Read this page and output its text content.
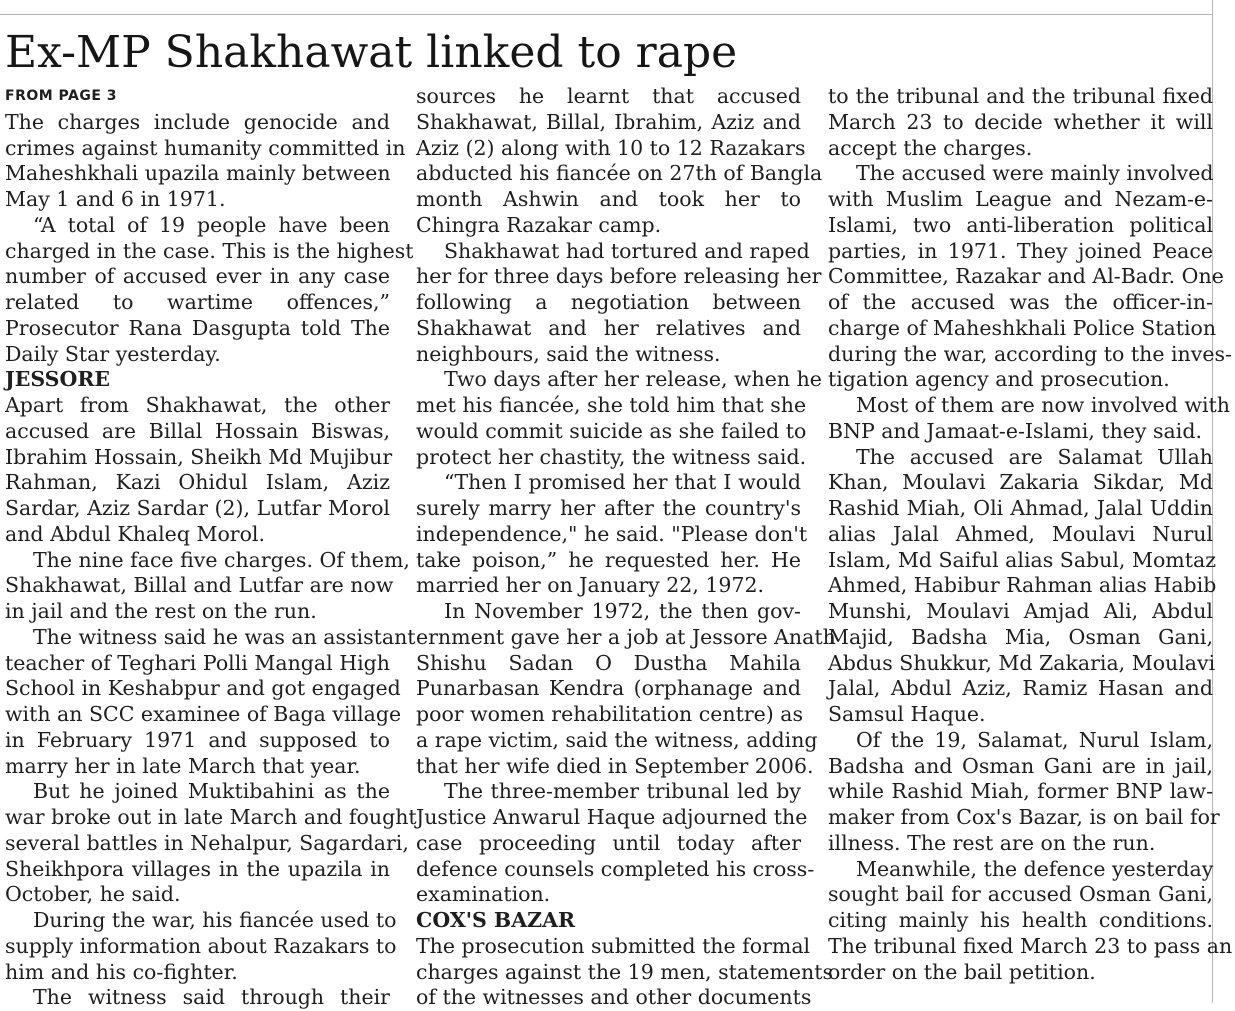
Ex-MP Shakhawat linked to rape
FROM PAGE 3
The charges include genocide and
crimes against humanity committed in
Maheshkhali upazila mainly between
May 1 and 6 in 1971.
“A total of 19 people have been
charged in the case. This is the highest
number of accused ever in any case
related to wartime offences,”
Prosecutor Rana Dasgupta told The
Daily Star yesterday.
JESSORE
Apart from Shakhawat, the other
accused are Billal Hossain Biswas,
Ibrahim Hossain, Sheikh Md Mujibur
Rahman, Kazi Ohidul Islam, Aziz
Sardar, Aziz Sardar (2), Lutfar Morol
and Abdul Khaleq Morol.
The nine face five charges. Of them,
Shakhawat, Billal and Lutfar are now
in jail and the rest on the run.
The witness said he was an assistant
teacher of Teghari Polli Mangal High
School in Keshabpur and got engaged
with an SCC examinee of Baga village
in February 1971 and supposed to
marry her in late March that year.
But he joined Muktibahini as the
war broke out in late March and fought
several battles in Nehalpur, Sagardari,
Sheikhpora villages in the upazila in
October, he said.
During the war, his fiancée used to
supply information about Razakars to
him and his co-fighter.
The witness said through their
sources he learnt that accused
Shakhawat, Billal, Ibrahim, Aziz and
Aziz (2) along with 10 to 12 Razakars
abducted his fiancée on 27th of Bangla
month Ashwin and took her to
Chingra Razakar camp.
Shakhawat had tortured and raped
her for three days before releasing her
following a negotiation between
Shakhawat and her relatives and
neighbours, said the witness.
Two days after her release, when he
met his fiancée, she told him that she
would commit suicide as she failed to
protect her chastity, the witness said.
“Then I promised her that I would
surely marry her after the country's
independence," he said. "Please don't
take poison,” he requested her. He
married her on January 22, 1972.
In November 1972, the then gov-
ernment gave her a job at Jessore Anath
Shishu Sadan O Dustha Mahila
Punarbasan Kendra (orphanage and
poor women rehabilitation centre) as
a rape victim, said the witness, adding
that her wife died in September 2006.
The three-member tribunal led by
Justice Anwarul Haque adjourned the
case proceeding until today after
defence counsels completed his cross-
examination.
COX'S BAZAR
The prosecution submitted the formal
charges against the 19 men, statements
of the witnesses and other documents
to the tribunal and the tribunal fixed
March 23 to decide whether it will
accept the charges.
The accused were mainly involved
with Muslim League and Nezam-e-
Islami, two anti-liberation political
parties, in 1971. They joined Peace
Committee, Razakar and Al-Badr. One
of the accused was the officer-in-
charge of Maheshkhali Police Station
during the war, according to the inves-
tigation agency and prosecution.
Most of them are now involved with
BNP and Jamaat-e-Islami, they said.
The accused are Salamat Ullah
Khan, Moulavi Zakaria Sikdar, Md
Rashid Miah, Oli Ahmad, Jalal Uddin
alias Jalal Ahmed, Moulavi Nurul
Islam, Md Saiful alias Sabul, Momtaz
Ahmed, Habibur Rahman alias Habib
Munshi, Moulavi Amjad Ali, Abdul
Majid, Badsha Mia, Osman Gani,
Abdus Shukkur, Md Zakaria, Moulavi
Jalal, Abdul Aziz, Ramiz Hasan and
Samsul Haque.
Of the 19, Salamat, Nurul Islam,
Badsha and Osman Gani are in jail,
while Rashid Miah, former BNP law-
maker from Cox's Bazar, is on bail for
illness. The rest are on the run.
Meanwhile, the defence yesterday
sought bail for accused Osman Gani,
citing mainly his health conditions.
The tribunal fixed March 23 to pass an
order on the bail petition.
